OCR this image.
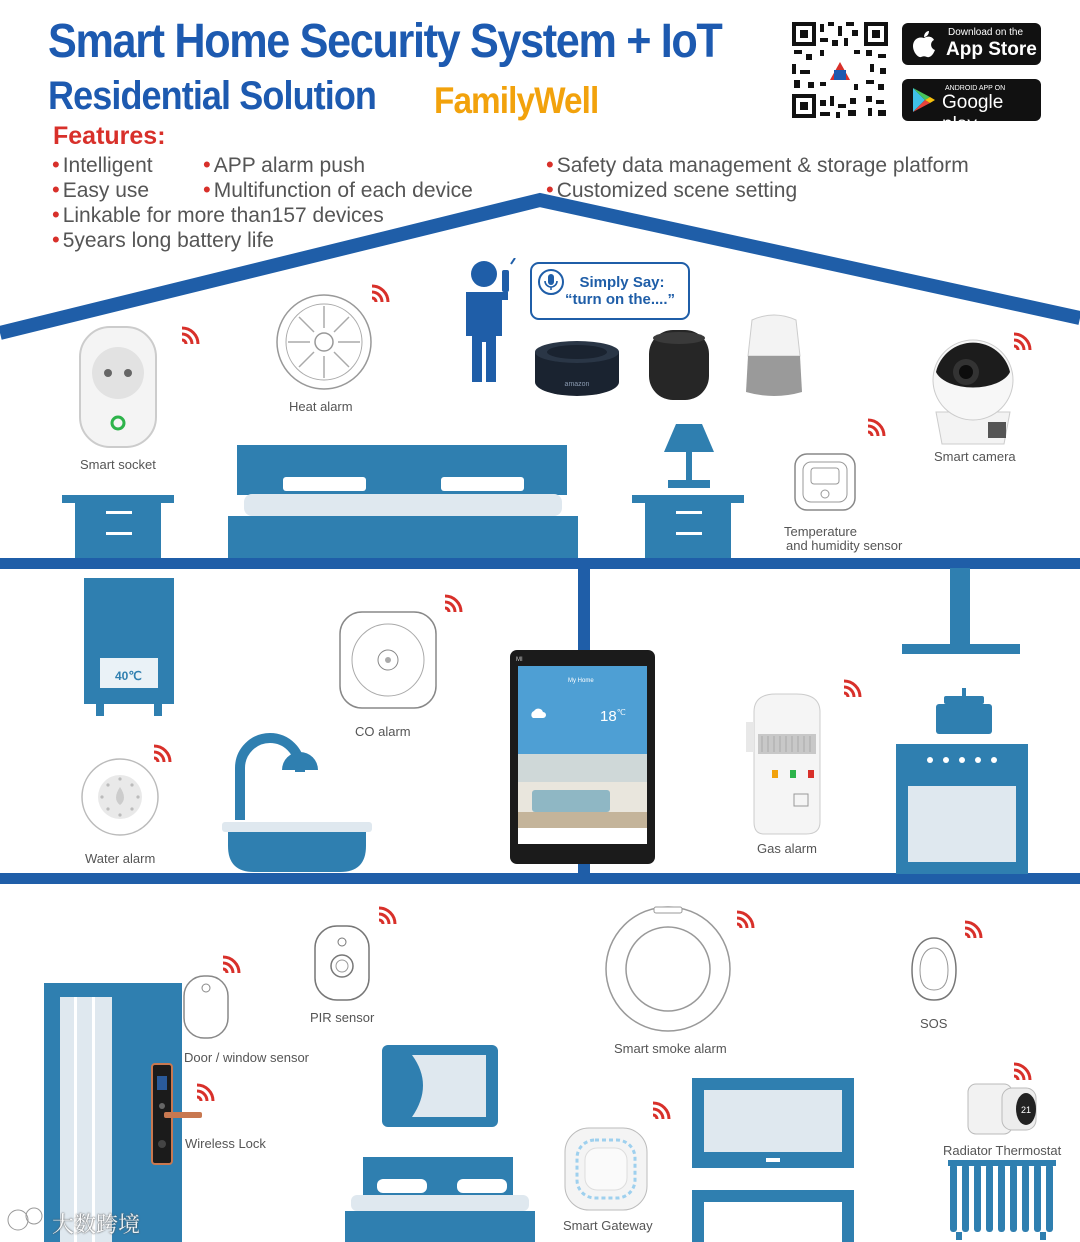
Smart Home Security System + IoT
Residential Solution FamilyWell
Download on the
App Store
ANDROID APP ON
Google play
Features:
• Intelligent • APP alarm push	• Safety data management & storage platform
• Easy use • Multifunction of each device	• Customized scene setting
• Linkable for more than157 devices
• 5years long battery life
Smart socket
Heat alarm
Simply Say:
“turn on the....”
amazon
Smart camera
Temperature
and humidity sensor
40℃
CO alarm
Water alarm
MI
My Home
18℃
Gas alarm
Wireless Lock
Door / window sensor
PIR sensor
Smart smoke alarm
SOS
Smart Gateway
21
Radiator Thermostat
大数跨境
